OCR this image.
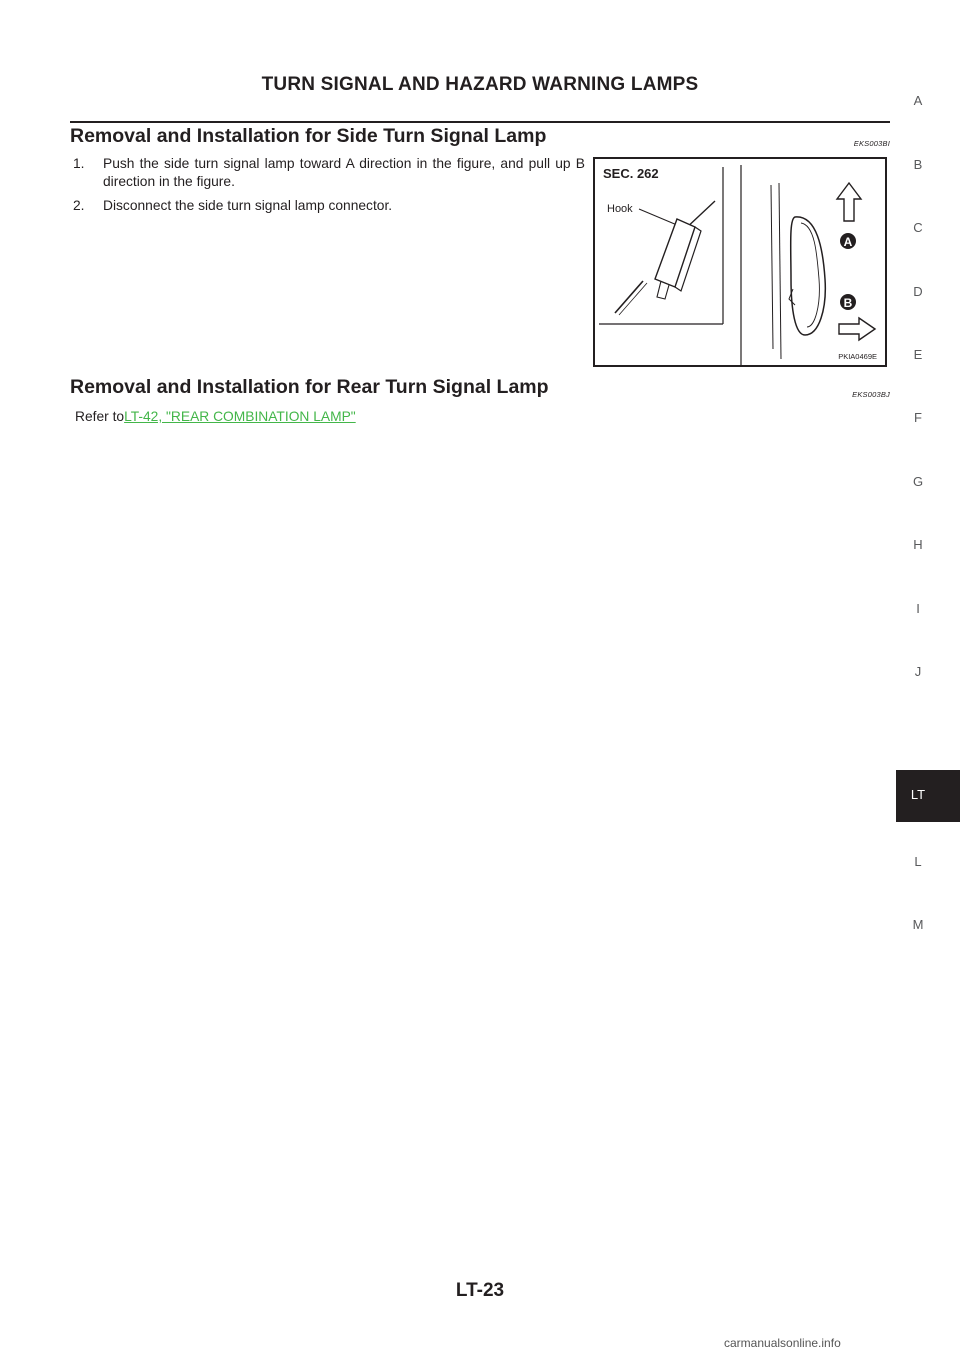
TURN SIGNAL AND HAZARD WARNING LAMPS
Removal and Installation for Side Turn Signal Lamp	EKS003BI
1.	Push the side turn signal lamp toward A direction in the figure, and pull up B direction in the figure.
2.	Disconnect the side turn signal lamp connector.
SEC. 262
Hook
A
B
PKIA0469E
Removal and Installation for Rear Turn Signal Lamp	EKS003BJ
Refer toLT-42, "REAR COMBINATION LAMP"
A
B
C
D
E
F
G
H
I
J
L
M
LT
LT-23
carmanualsonline.info
